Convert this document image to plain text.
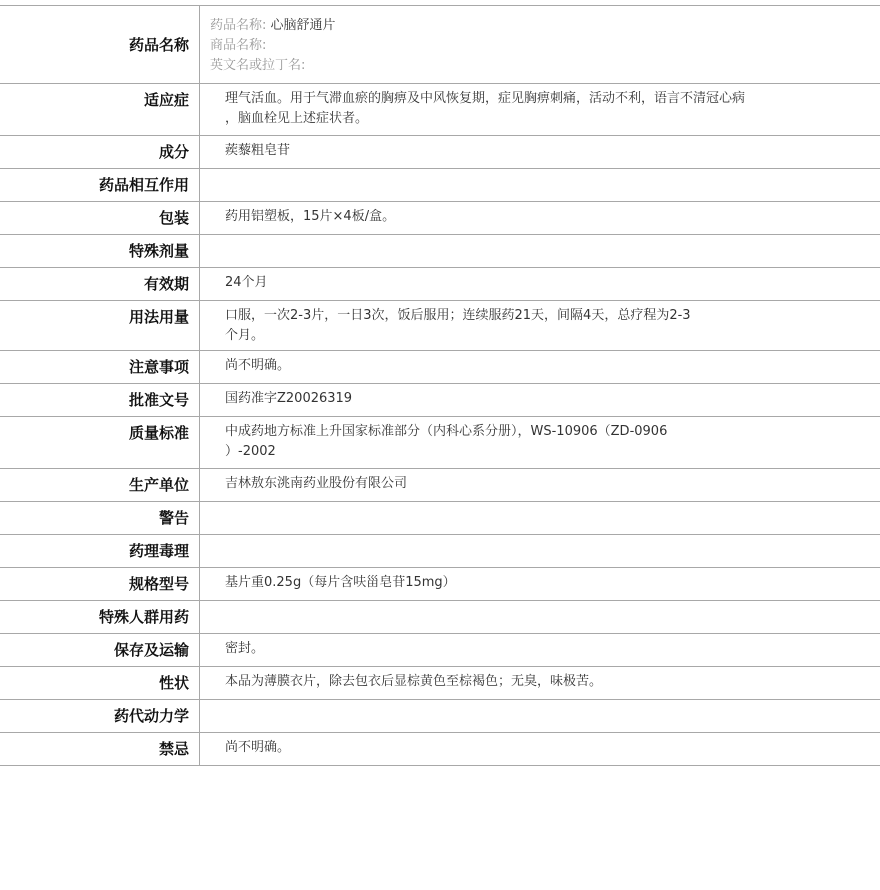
药品名称
药品名称: 心脑舒通片
商品名称:
英文名或拉丁名:
适应症	理气活血。用于气滞血瘀的胸痹及中风恢复期，症见胸痹刺痛，活动不利，语言不清冠心病
，脑血栓见上述症状者。
成分	蒺藜粗皂苷
药品相互作用
包装	药用铝塑板，15片×4板/盒。
特殊剂量
有效期	24个月
用法用量	口服，一次2-3片，一日3次，饭后服用；连续服药21天，间隔4天，总疗程为2-3
个月。
注意事项	尚不明确。
批准文号	国药准字Z20026319
质量标准	中成药地方标准上升国家标准部分（内科心系分册），WS-10906（ZD-0906
）-2002
生产单位	吉林敖东洮南药业股份有限公司
警告
药理毒理
规格型号	基片重0.25g（每片含呋甾皂苷15mg）
特殊人群用药
保存及运输	密封。
性状	本品为薄膜衣片，除去包衣后显棕黄色至棕褐色；无臭，味极苦。
药代动力学
禁忌	尚不明确。
